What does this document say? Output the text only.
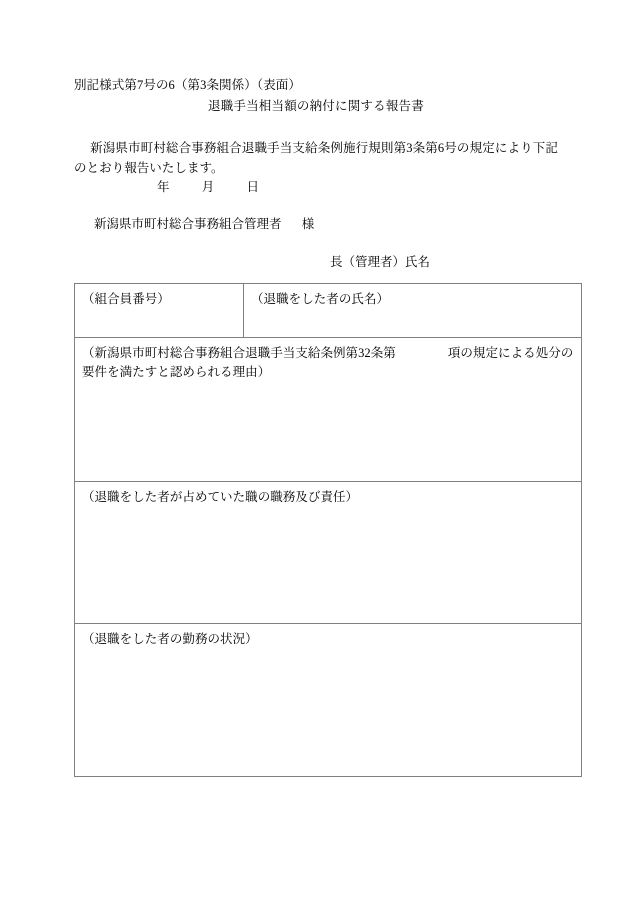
別記様式第7号の6（第3条関係）（表面）
退職手当相当額の納付に関する報告書
新潟県市町村総合事務組合退職手当支給条例施行規則第3条第6号の規定により下記のとおり報告いたします。
年	月	日
新潟県市町村総合事務組合管理者 様
長（管理者）氏名
（組合員番号）	（退職をした者の氏名）

（新潟県市町村総合事務組合退職手当支給条例第32条第	項の規定による処分の要件を満たすと認められる理由）

（退職をした者が占めていた職の職務及び責任）

（退職をした者の勤務の状況）
